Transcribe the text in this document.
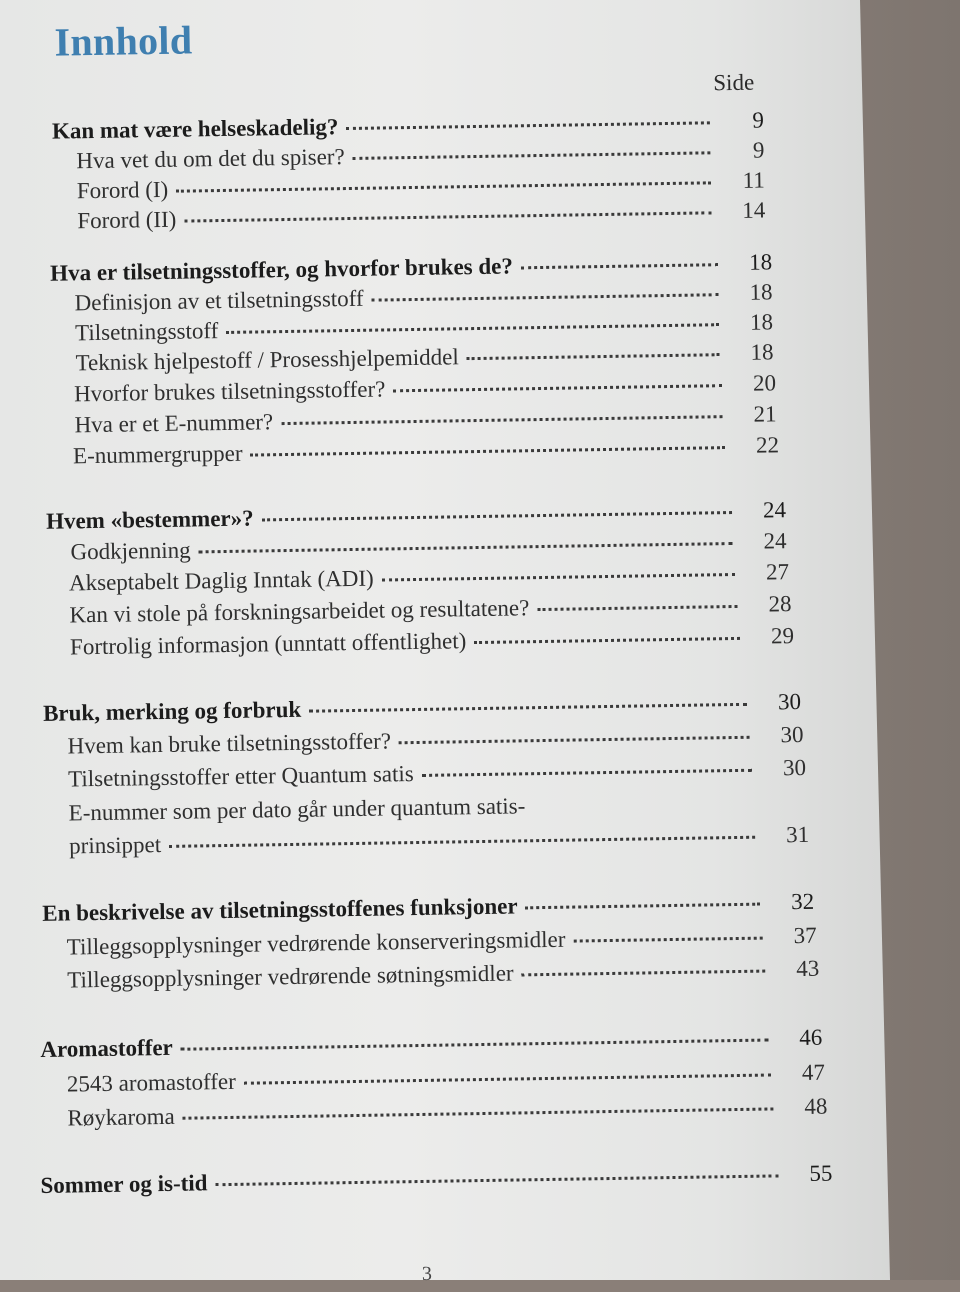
Innhold
Side
Kan mat være helseskadelig?	9
Hva vet du om det du spiser?	9
Forord (I)	11
Forord (II)	14
Hva er tilsetningsstoffer, og hvorfor brukes de?	18
Definisjon av et tilsetningsstoff	18
Tilsetningsstoff	18
Teknisk hjelpestoff / Prosesshjelpemiddel	18
Hvorfor brukes tilsetningsstoffer?	20
Hva er et E-nummer?	21
E-nummergrupper	22
Hvem «bestemmer»?	24
Godkjenning	24
Akseptabelt Daglig Inntak (ADI)	27
Kan vi stole på forskningsarbeidet og resultatene?	28
Fortrolig informasjon (unntatt offentlighet)	29
Bruk, merking og forbruk	30
Hvem kan bruke tilsetningsstoffer?	30
Tilsetningsstoffer etter Quantum satis	30
E-nummer som per dato går under quantum satis-
prinsippet	31
En beskrivelse av tilsetningsstoffenes funksjoner	32
Tilleggsopplysninger vedrørende konserveringsmidler	37
Tilleggsopplysninger vedrørende søtningsmidler	43
Aromastoffer	46
2543 aromastoffer	47
Røykaroma	48
Sommer og is-tid	55
3
